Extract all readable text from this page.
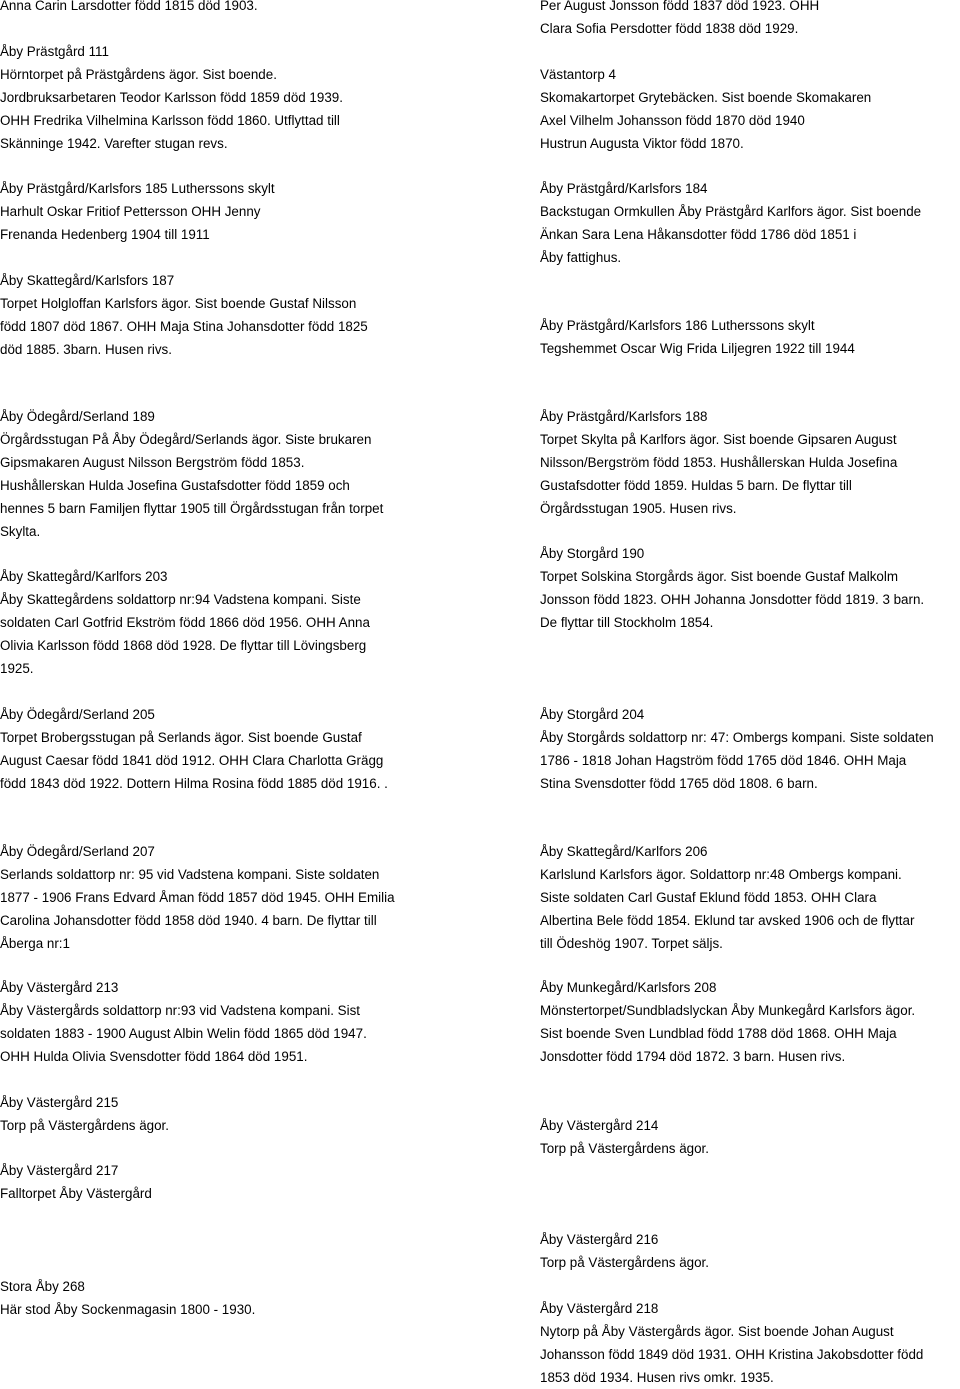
Anna Carin Larsdotter född 1815 död 1903.
Åby Prästgård 111
Hörntorpet på Prästgårdens ägor. Sist boende.
Jordbruksarbetaren Teodor Karlsson född 1859 död 1939.
OHH Fredrika Vilhelmina Karlsson född 1860. Utflyttad till
Skänninge 1942. Varefter stugan revs.
Åby Prästgård/Karlsfors 185 Lutherssons skylt
Harhult Oskar Fritiof Pettersson OHH Jenny
Frenanda Hedenberg 1904 till 1911
Åby Skattegård/Karlsfors 187
Torpet Holgloffan Karlsfors ägor. Sist boende Gustaf Nilsson
född 1807 död 1867. OHH Maja Stina Johansdotter född 1825
död 1885. 3barn. Husen rivs.
Åby Ödegård/Serland 189
Örgårdsstugan På Åby Ödegård/Serlands ägor. Siste brukaren
Gipsmakaren August Nilsson Bergström född 1853.
Hushållerskan Hulda Josefina Gustafsdotter född 1859 och
hennes 5 barn Familjen flyttar 1905 till Örgårdsstugan från torpet
Skylta.
Åby Skattegård/Karlfors 203
Åby Skattegårdens soldattorp nr:94 Vadstena kompani. Siste
soldaten Carl Gotfrid Ekström född 1866 död 1956. OHH Anna
Olivia Karlsson född 1868 död 1928. De flyttar till Lövingsberg
1925.
Åby Ödegård/Serland 205
Torpet Brobergsstugan på Serlands ägor. Sist boende Gustaf
August Caesar född 1841 död 1912. OHH Clara Charlotta Grägg
född 1843 död 1922. Dottern Hilma Rosina född 1885 död 1916. .
Åby Ödegård/Serland 207
Serlands soldattorp nr: 95 vid Vadstena kompani. Siste soldaten
1877 - 1906 Frans Edvard Åman född 1857 död 1945. OHH Emilia
Carolina Johansdotter född 1858 död 1940. 4 barn. De flyttar till
Åberga nr:1
Åby Västergård 213
Åby Västergårds soldattorp nr:93 vid Vadstena kompani. Sist
soldaten 1883 - 1900 August Albin Welin född 1865 död 1947.
OHH Hulda Olivia Svensdotter född 1864 död 1951.
Åby Västergård 215
Torp på Västergårdens ägor.
Åby Västergård 217
Falltorpet Åby Västergård
Stora Åby 268
Här stod Åby Sockenmagasin 1800 - 1930.
Per August Jonsson född 1837 död 1923. OHH
Clara Sofia Persdotter född 1838 död 1929.
Västantorp 4
Skomakartorpet Grytebäcken. Sist boende Skomakaren
Axel Vilhelm Johansson född 1870 död 1940
Hustrun Augusta Viktor född 1870.
Åby Prästgård/Karlsfors 184
Backstugan Ormkullen Åby Prästgård Karlfors ägor. Sist boende
Änkan Sara Lena Håkansdotter född 1786 död 1851 i
Åby fattighus.
Åby Prästgård/Karlsfors 186 Lutherssons skylt
Tegshemmet Oscar Wig Frida Liljegren 1922 till 1944
Åby Prästgård/Karlsfors 188
Torpet Skylta på Karlfors ägor. Sist boende Gipsaren August
Nilsson/Bergström född 1853. Hushållerskan Hulda Josefina
Gustafsdotter född 1859. Huldas 5 barn. De flyttar till
Örgårdsstugan 1905. Husen rivs.
Åby Storgård 190
Torpet Solskina Storgårds ägor. Sist boende Gustaf Malkolm
Jonsson född 1823. OHH Johanna Jonsdotter född 1819. 3 barn.
De flyttar till Stockholm 1854.
Åby Storgård 204
Åby Storgårds soldattorp nr: 47: Ombergs kompani. Siste soldaten
1786 - 1818 Johan Hagström född 1765 död 1846. OHH Maja
Stina Svensdotter född 1765 död 1808. 6 barn.
Åby Skattegård/Karlfors 206
Karlslund Karlsfors ägor. Soldattorp nr:48 Ombergs kompani.
Siste soldaten Carl Gustaf Eklund född 1853. OHH Clara
Albertina Bele född 1854. Eklund tar avsked 1906 och de flyttar
till Ödeshög 1907. Torpet säljs.
Åby Munkegård/Karlsfors 208
Mönstertorpet/Sundbladslyckan Åby Munkegård Karlsfors ägor.
Sist boende Sven Lundblad född 1788 död 1868. OHH Maja
Jonsdotter född 1794 död 1872. 3 barn. Husen rivs.
Åby Västergård 214
Torp på Västergårdens ägor.
Åby Västergård 216
Torp på Västergårdens ägor.
Åby Västergård 218
Nytorp på Åby Västergårds ägor. Sist boende Johan August
Johansson född 1849 död 1931. OHH Kristina Jakobsdotter född
1853 död 1934. Husen rivs omkr. 1935.
